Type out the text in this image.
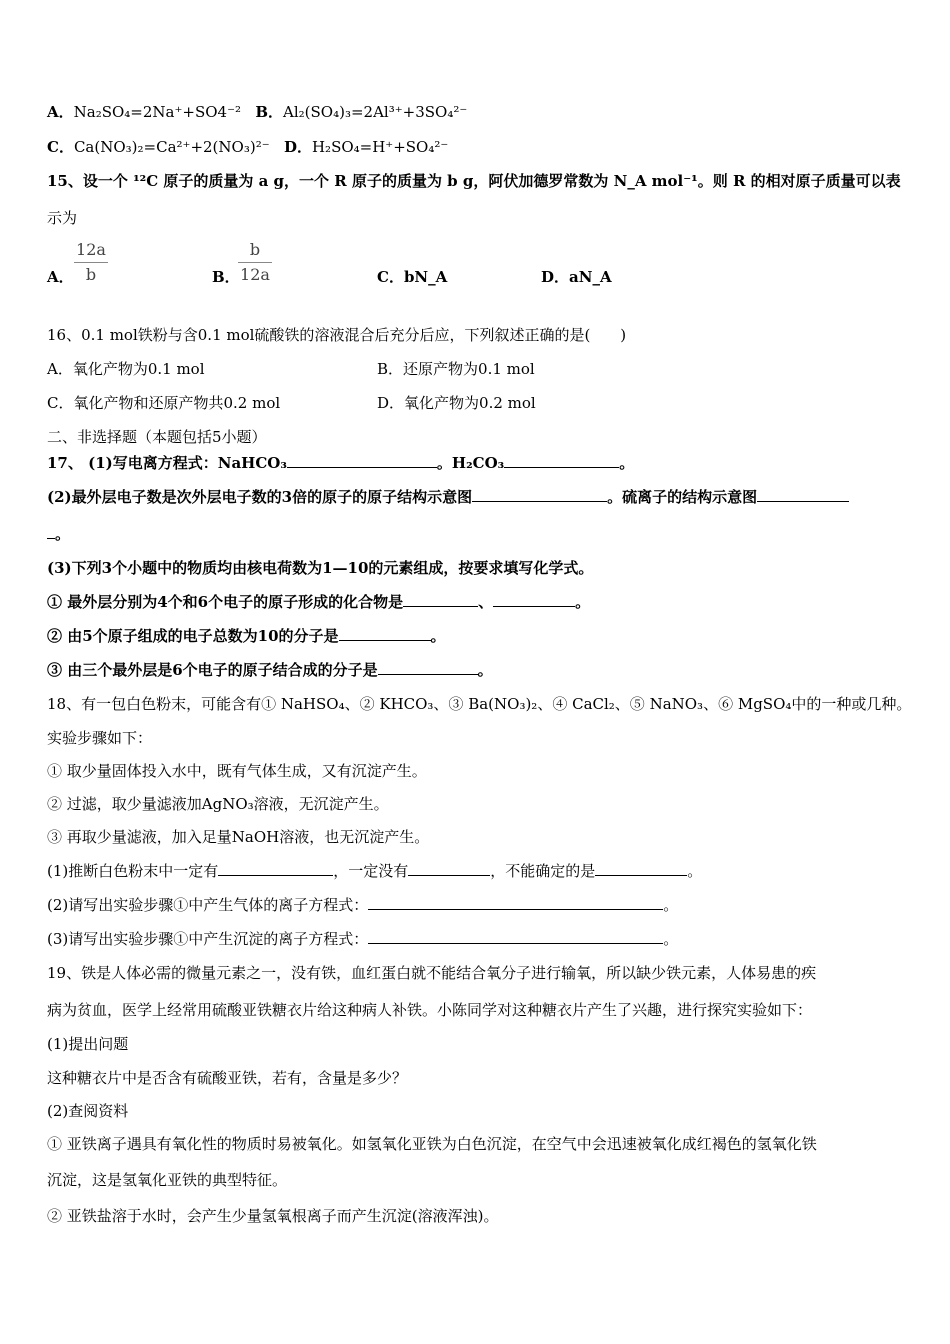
A．Na₂SO₄=2Na⁺+SO4⁻² B．Al₂(SO₄)₃=2Al³⁺+3SO₄²⁻
C．Ca(NO₃)₂=Ca²⁺+2(NO₃)²⁻ D．H₂SO₄=H⁺+SO₄²⁻
15、设一个 ¹²C 原子的质量为 a g，一个 R 原子的质量为 b g，阿伏加德罗常数为 N_A mol⁻¹。则 R 的相对原子质量可以表
示为
A．
12a
b	B．
b
12a	C．bN_A	D．aN_A
16、0.1 mol铁粉与含0.1 mol硫酸铁的溶液混合后充分后应，下列叙述正确的是(　　)
A．氧化产物为0.1 mol	B．还原产物为0.1 mol
C．氧化产物和还原产物共0.2 mol	D．氧化产物为0.2 mol
二、非选择题（本题包括5小题）
17、 (1)写电离方程式：NaHCO₃	。H₂CO₃	。
(2)最外层电子数是次外层电子数的3倍的原子的原子结构示意图	。硫离子的结构示意图
。
(3)下列3个小题中的物质均由核电荷数为1—10的元素组成，按要求填写化学式。
① 最外层分别为4个和6个电子的原子形成的化合物是	、	。
② 由5个原子组成的电子总数为10的分子是	。
③ 由三个最外层是6个电子的原子结合成的分子是	。
18、有一包白色粉末，可能含有① NaHSO₄、② KHCO₃、③ Ba(NO₃)₂、④ CaCl₂、⑤ NaNO₃、⑥ MgSO₄中的一种或几种。
实验步骤如下：
① 取少量固体投入水中，既有气体生成，又有沉淀产生。
② 过滤，取少量滤液加AgNO₃溶液，无沉淀产生。
③ 再取少量滤液，加入足量NaOH溶液，也无沉淀产生。
(1)推断白色粉末中一定有	，一定没有	，不能确定的是	。
(2)请写出实验步骤①中产生气体的离子方程式：	。
(3)请写出实验步骤①中产生沉淀的离子方程式：	。
19、铁是人体必需的微量元素之一，没有铁，血红蛋白就不能结合氧分子进行输氧，所以缺少铁元素，人体易患的疾
病为贫血，医学上经常用硫酸亚铁糖衣片给这种病人补铁。小陈同学对这种糖衣片产生了兴趣，进行探究实验如下：
(1)提出问题
这种糖衣片中是否含有硫酸亚铁，若有，含量是多少？
(2)查阅资料
① 亚铁离子遇具有氧化性的物质时易被氧化。如氢氧化亚铁为白色沉淀，在空气中会迅速被氧化成红褐色的氢氧化铁
沉淀，这是氢氧化亚铁的典型特征。
② 亚铁盐溶于水时，会产生少量氢氧根离子而产生沉淀(溶液浑浊)。
